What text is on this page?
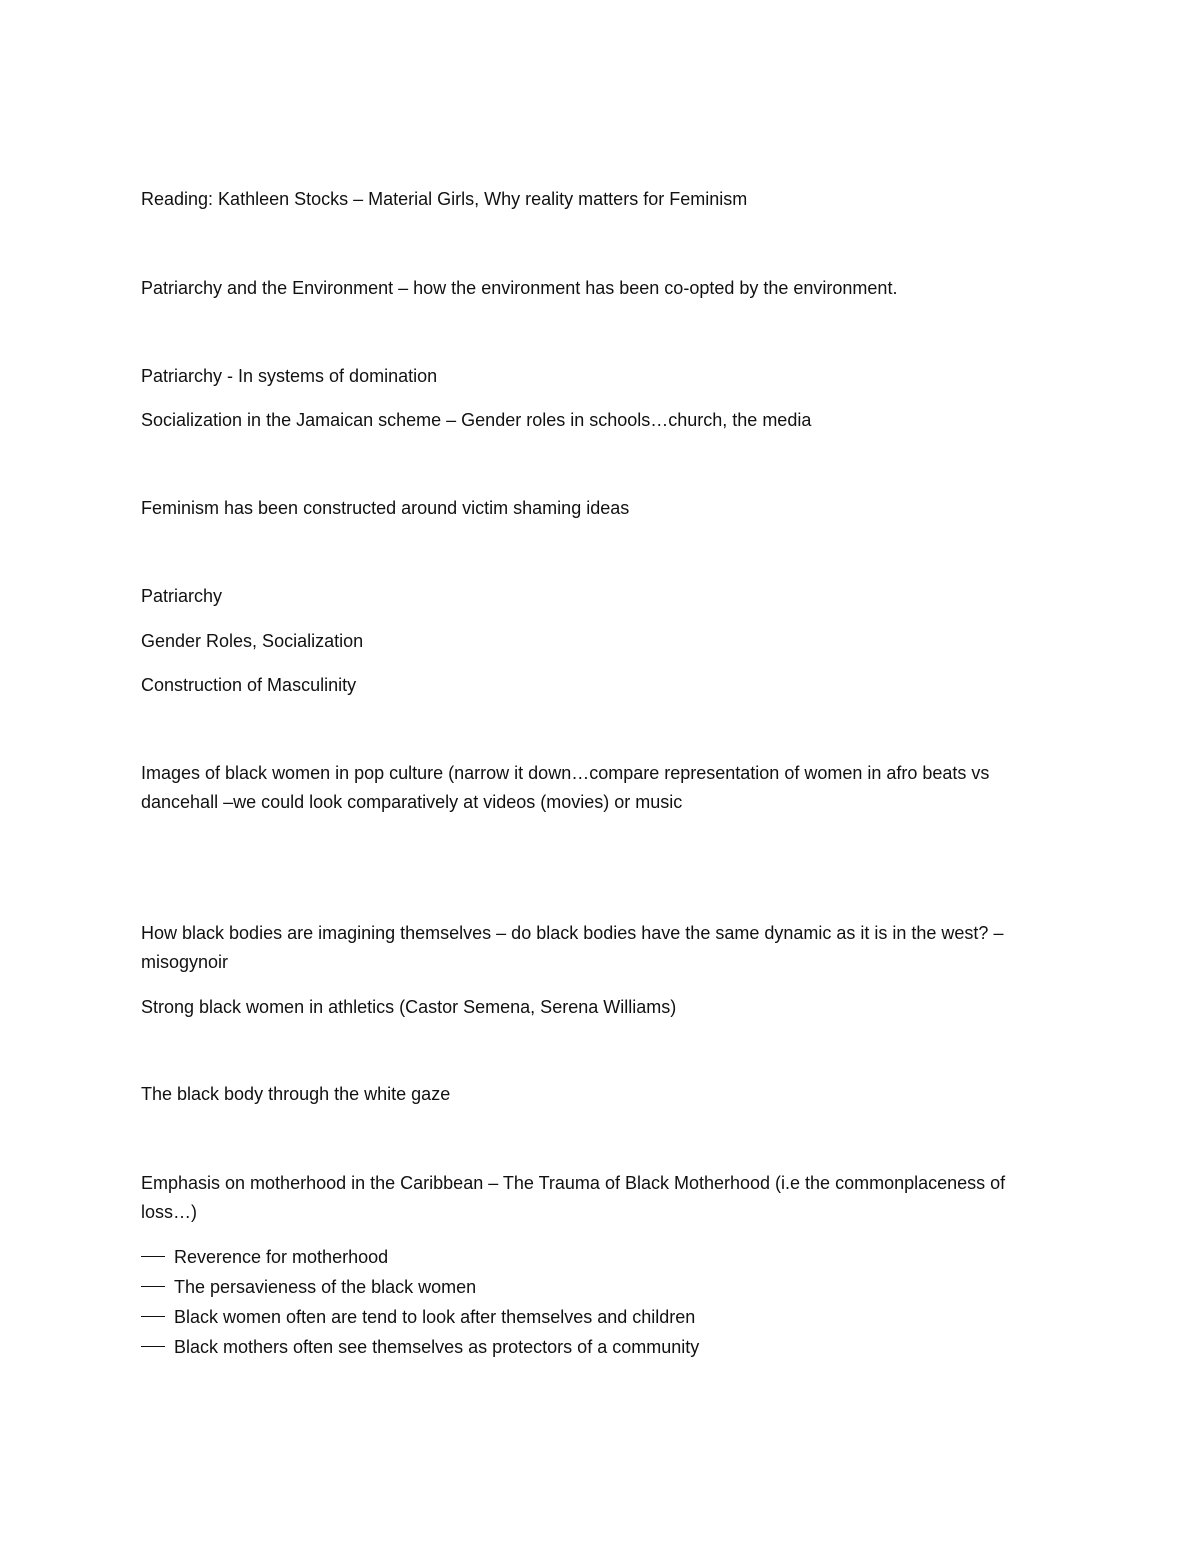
Reading: Kathleen Stocks – Material Girls, Why reality matters for Feminism
Patriarchy and the Environment – how the environment has been co-opted by the environment.
Patriarchy - In systems of domination
Socialization in the Jamaican scheme – Gender roles in schools…church, the media
Feminism has been constructed around victim shaming ideas
Patriarchy
Gender Roles, Socialization
Construction of Masculinity
Images of black women in pop culture (narrow it down…compare representation of women in afro beats vs dancehall –we could look comparatively at videos (movies) or music
How black bodies are imagining themselves – do black bodies have the same dynamic as it is in the west? – misogynoir
Strong black women in athletics (Castor Semena, Serena Williams)
The black body through the white gaze
Emphasis on motherhood in the Caribbean – The Trauma of Black Motherhood (i.e the commonplaceness of loss…)
Reverence for motherhood
The persavieness of the black women
Black women often are tend to look after themselves and children
Black mothers often see themselves as protectors of a community
